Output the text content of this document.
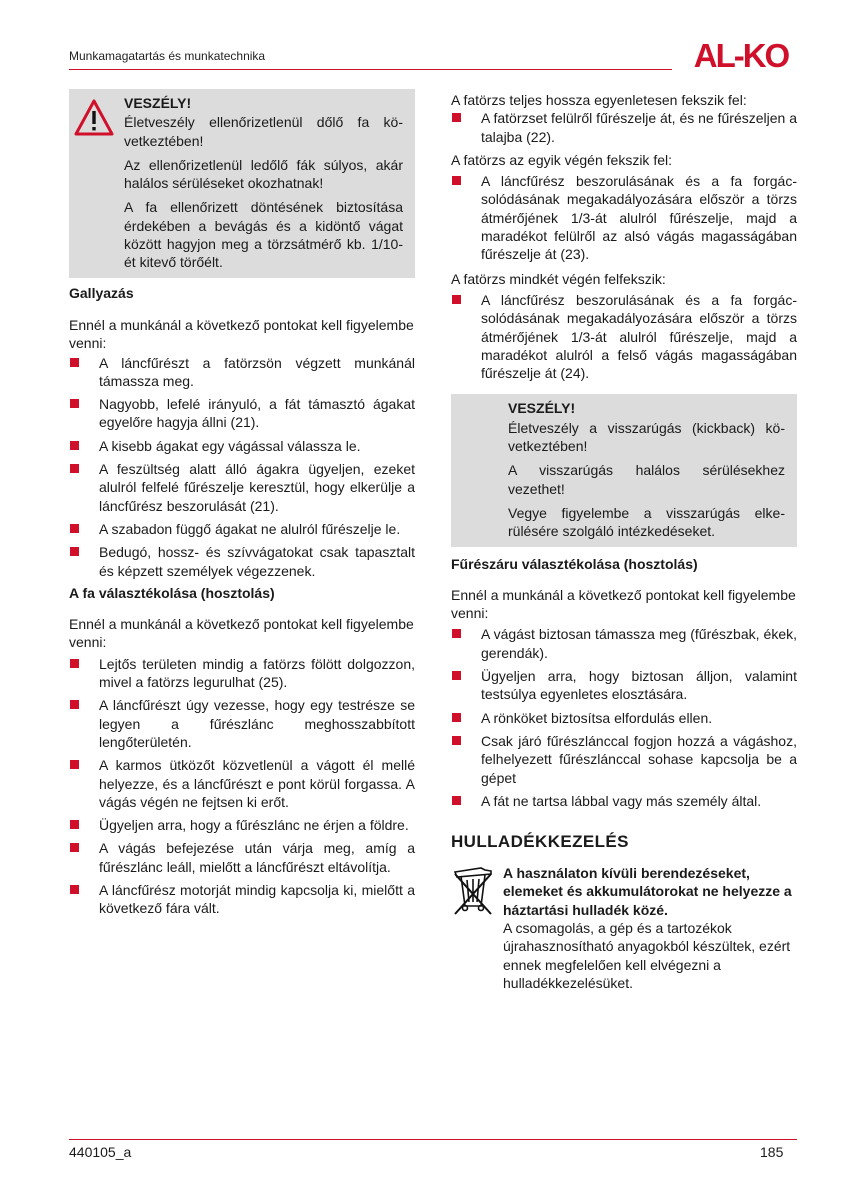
Munkamagatartás és munkatechnika	AL-KO
VESZÉLY!

Életveszély ellenőrizetlenül dőlő fa következtében!

Az ellenőrizetlenül ledőlő fák súlyos, akár halálos sérüléseket okozhatnak!

A fa ellenőrizett döntésének biztosítása érdekében a bevágás és a kidöntő vágat között hagyjon meg a törzsátmérő kb. 1/10-ét kitevő törőélt.

Gallyazás

Ennél a munkánál a következő pontokat kell figyelembe venni:

A láncfűrészt a fatörzsön végzett munkánál támassza meg.
Nagyobb, lefelé irányuló, a fát támasztó ágakat egyelőre hagyja állni (21).
A kisebb ágakat egy vágással válassza le.
A feszültség alatt álló ágakra ügyeljen, ezeket alulról felfelé fűrészelje keresztül, hogy elkerülje a láncfűrész beszorulását (21).
A szabadon függő ágakat ne alulról fűrészelje le.
Bedugó, hossz- és szívvágatokat csak tapasztalt és képzett személyek végezzenek.
A fa választékolása (hosztolás)

Ennél a munkánál a következő pontokat kell figyelembe venni:

Lejtős területen mindig a fatörzs fölött dolgozzon, mivel a fatörzs legurulhat (25).
A láncfűrészt úgy vezesse, hogy egy testrésze se legyen a fűrészlánc meghosszabbított lengőterületén.
A karmos ütközőt közvetlenül a vágott él mellé helyezze, és a láncfűrészt e pont körül forgassa. A vágás végén ne fejtsen ki erőt.
Ügyeljen arra, hogy a fűrészlánc ne érjen a földre.
A vágás befejezése után várja meg, amíg a fűrészlánc leáll, mielőtt a láncfűrészt eltávolítja.
A láncfűrész motorját mindig kapcsolja ki, mielőtt a következő fára vált.

A fatörzs teljes hossza egyenletesen fekszik fel:

A fatörzset felülről fűrészelje át, és ne fűrészeljen a talajba (22).

A fatörzs az egyik végén fekszik fel:

A láncfűrész beszorulásának és a fa forgácsolódásának megakadályozására először a törzs átmérőjének 1/3-át alulról fűrészelje, majd a maradékot felülről az alsó vágás magasságában fűrészelje át (23).

A fatörzs mindkét végén felfekszik:

A láncfűrész beszorulásának és a fa forgácsolódásának megakadályozására először a törzs átmérőjének 1/3-át alulról fűrészelje, majd a maradékot alulról a felső vágás magasságában fűrészelje át (24).
VESZÉLY!

Életveszély a visszarúgás (kickback) következtében!

A visszarúgás halálos sérülésekhez vezethet!

Vegye figyelembe a visszarúgás elkerülésére szolgáló intézkedéseket.

Fűrészáru választékolása (hosztolás)

Ennél a munkánál a következő pontokat kell figyelembe venni:

A vágást biztosan támassza meg (fűrészbak, ékek, gerendák).
Ügyeljen arra, hogy biztosan álljon, valamint testsúlya egyenletes elosztására.
A rönköket biztosítsa elfordulás ellen.
Csak járó fűrészlánccal fogjon hozzá a vágáshoz, felhelyezett fűrészlánccal sohase kapcsolja be a gépet
A fát ne tartsa lábbal vagy más személy által.
HULLADÉKKEZELÉS
A használaton kívüli berendezéseket, elemeket és akkumulátorokat ne helyezze a háztartási hulladék közé.
A csomagolás, a gép és a tartozékok újrahasznosítható anyagokból készültek, ezért ennek megfelelően kell elvégezni a hulladékkezelésüket.
440105_a	185
